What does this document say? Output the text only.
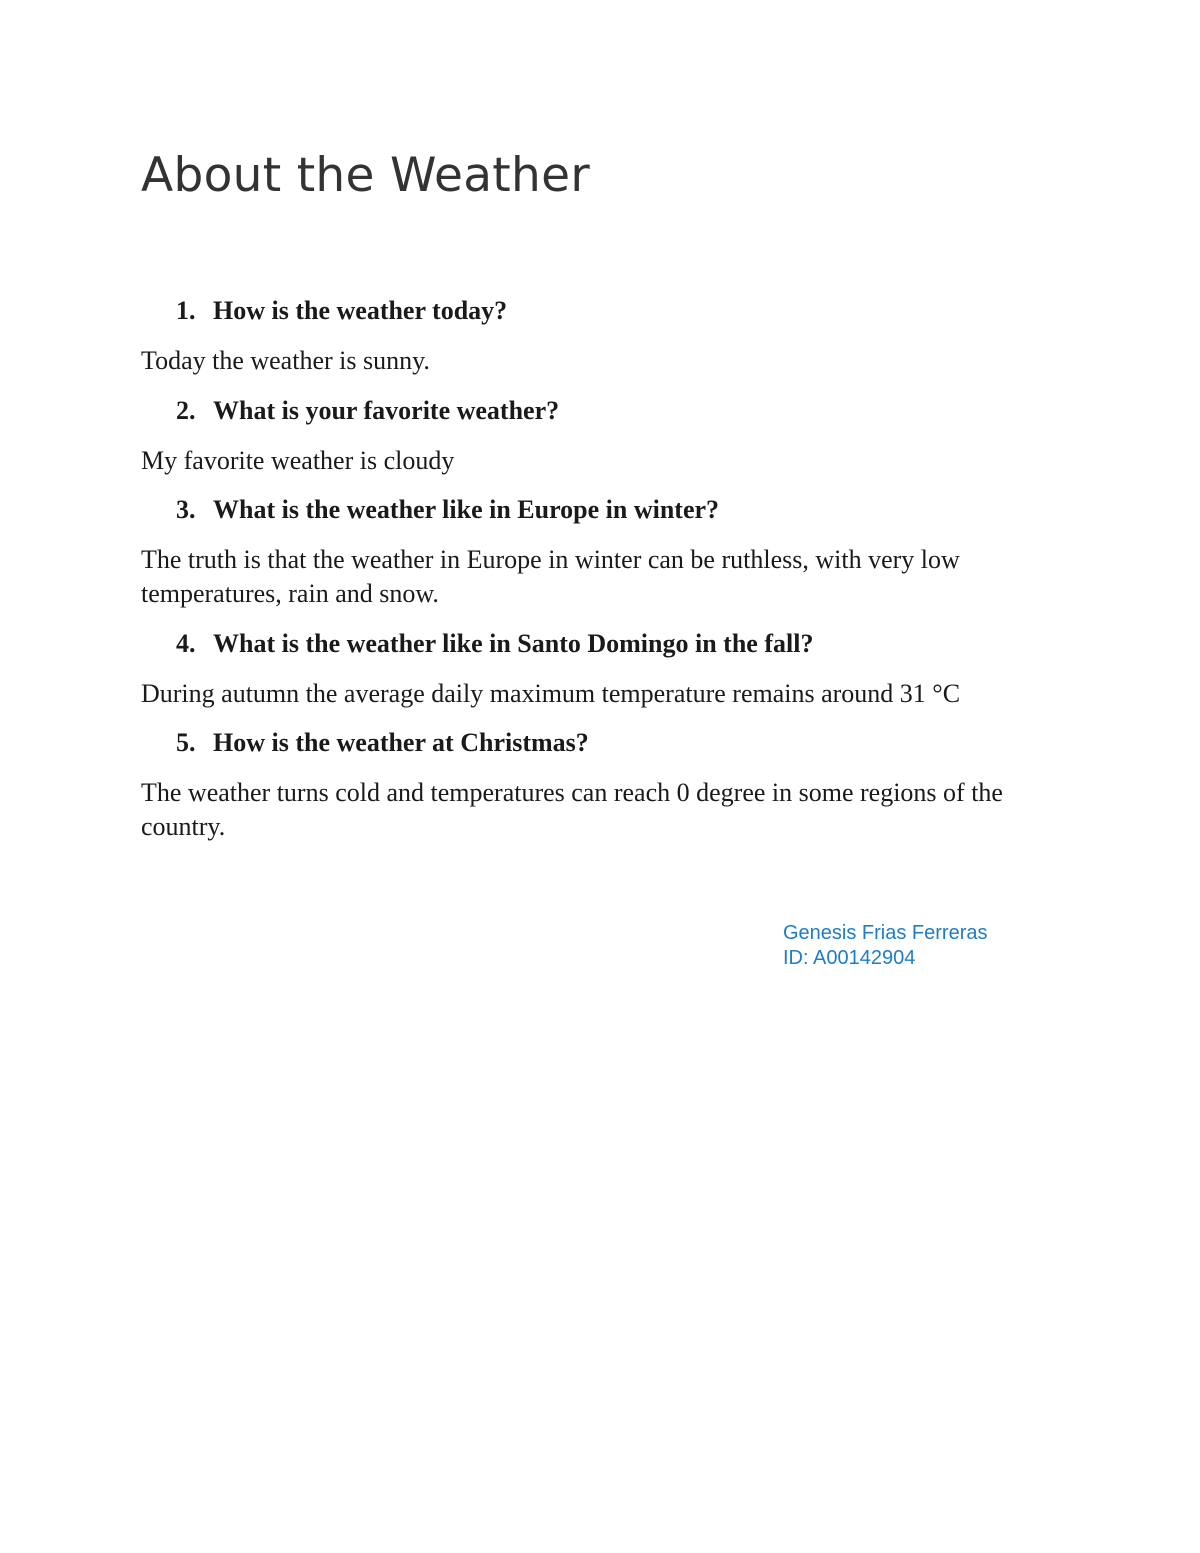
About the Weather

1. How is the weather today?

Today the weather is sunny.

2. What is your favorite weather?

My favorite weather is cloudy

3. What is the weather like in Europe in winter?

The truth is that the weather in Europe in winter can be ruthless, with very low temperatures, rain and snow.

4. What is the weather like in Santo Domingo in the fall?

During autumn the average daily maximum temperature remains around 31 °C

5. How is the weather at Christmas?

The weather turns cold and temperatures can reach 0 degree in some regions of the country.

Genesis Frias Ferreras

ID: A00142904
